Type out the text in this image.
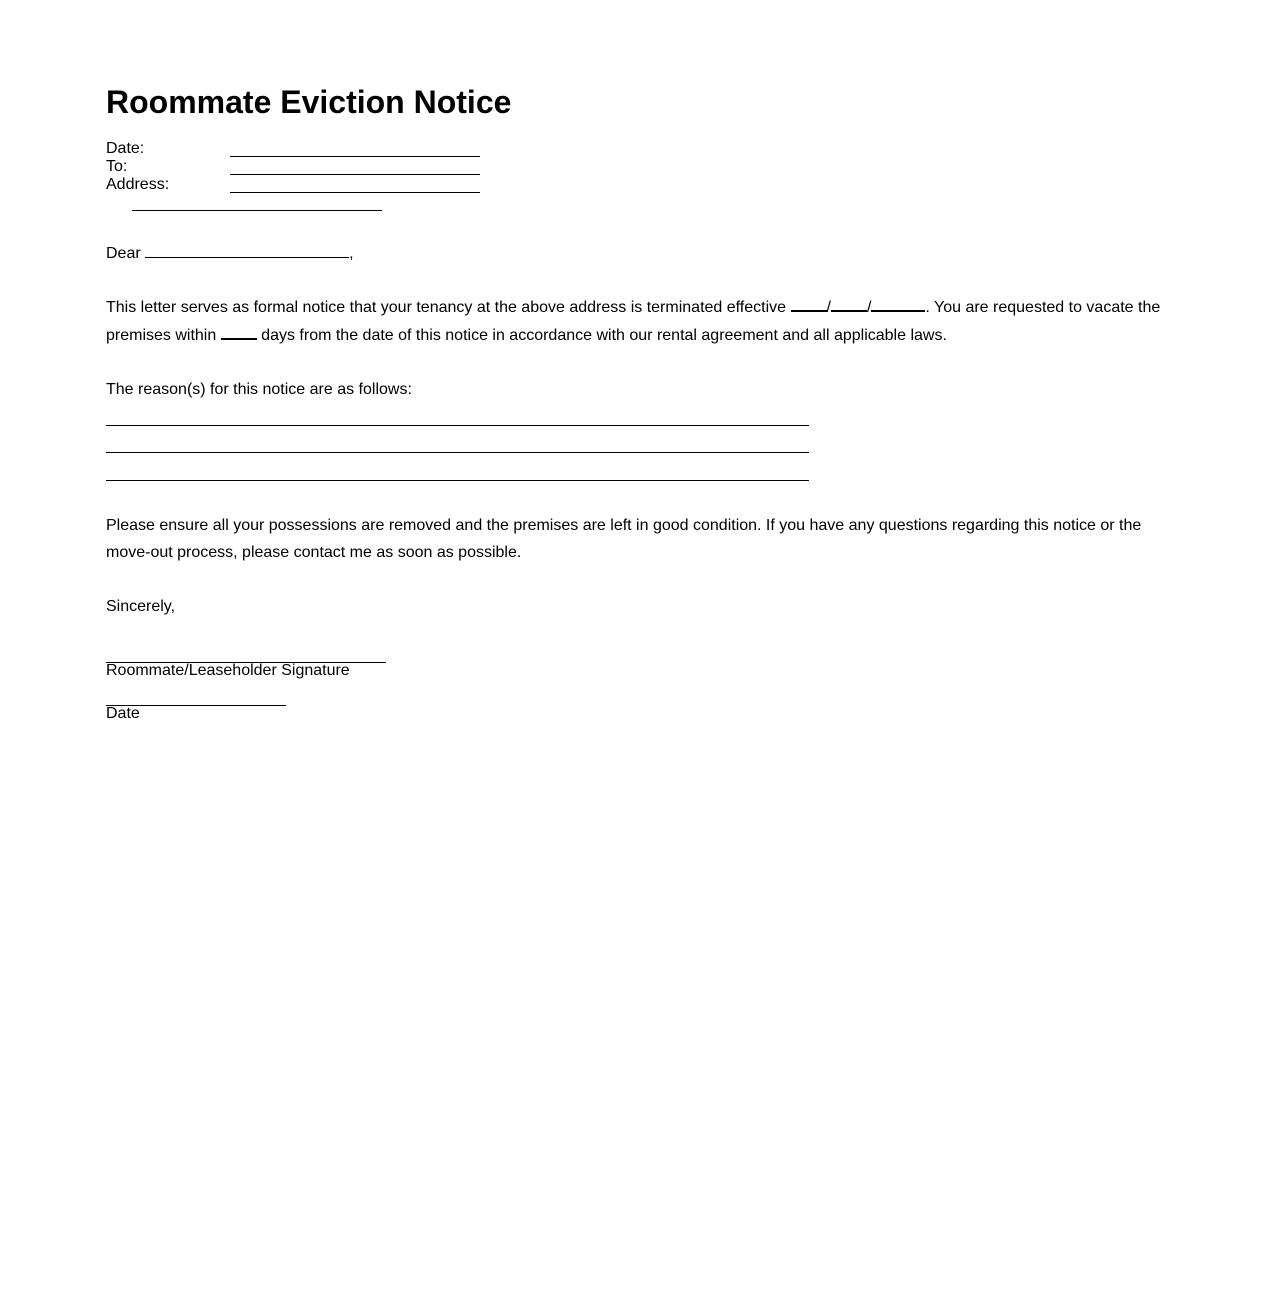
Roommate Eviction Notice
Date:
To:
Address:
Dear	,
This letter serves as formal notice that your tenancy at the above address is terminated effective	/ /	. You are requested to vacate the
premises within	days from the date of this notice in accordance with our rental agreement and all applicable laws.
The reason(s) for this notice are as follows:
Please ensure all your possessions are removed and the premises are left in good condition. If you have any questions regarding this notice or the
move-out process, please contact me as soon as possible.
Sincerely,
Roommate/Leaseholder Signature
Date
